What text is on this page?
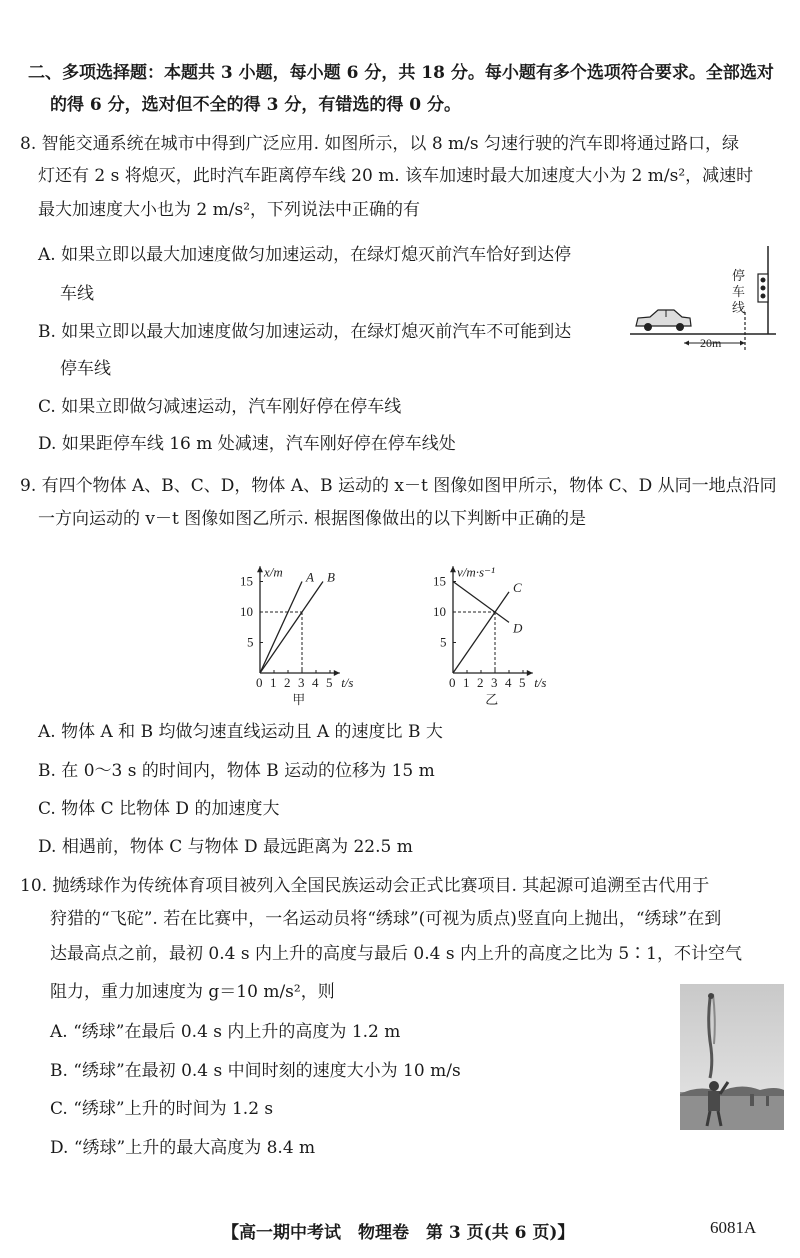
二、多项选择题：本题共 3 小题，每小题 6 分，共 18 分。每小题有多个选项符合要求。全部选对
的得 6 分，选对但不全的得 3 分，有错选的得 0 分。
8. 智能交通系统在城市中得到广泛应用. 如图所示，以 8 m/s 匀速行驶的汽车即将通过路口，绿
灯还有 2 s 将熄灭，此时汽车距离停车线 20 m. 该车加速时最大加速度大小为 2 m/s²，减速时
最大加速度大小也为 2 m/s²，下列说法中正确的有
A. 如果立即以最大加速度做匀加速运动，在绿灯熄灭前汽车恰好到达停
车线
B. 如果立即以最大加速度做匀加速运动，在绿灯熄灭前汽车不可能到达
停车线
C. 如果立即做匀减速运动，汽车刚好停在停车线
D. 如果距停车线 16 m 处减速，汽车刚好停在停车线处
停
车
线
20m
9. 有四个物体 A、B、C、D，物体 A、B 运动的 x－t 图像如图甲所示，物体 C、D 从同一地点沿同
一方向运动的 v－t 图像如图乙所示. 根据图像做出的以下判断中正确的是
0 1 2 3 4 5
5
10
15
t/s
x/m A B
甲
0 1 2 3 4 5
5
10
15
t/s
v/m·s⁻¹
C
D
乙
A. 物体 A 和 B 均做匀速直线运动且 A 的速度比 B 大
B. 在 0～3 s 的时间内，物体 B 运动的位移为 15 m
C. 物体 C 比物体 D 的加速度大
D. 相遇前，物体 C 与物体 D 最远距离为 22.5 m
10. 抛绣球作为传统体育项目被列入全国民族运动会正式比赛项目. 其起源可追溯至古代用于
狩猎的“飞砣”. 若在比赛中，一名运动员将“绣球”(可视为质点)竖直向上抛出，“绣球”在到
达最高点之前，最初 0.4 s 内上升的高度与最后 0.4 s 内上升的高度之比为 5∶1，不计空气
阻力，重力加速度为 g＝10 m/s²，则
A. “绣球”在最后 0.4 s 内上升的高度为 1.2 m
B. “绣球”在最初 0.4 s 中间时刻的速度大小为 10 m/s
C. “绣球”上升的时间为 1.2 s
D. “绣球”上升的最大高度为 8.4 m
【高一期中考试　物理卷　第 3 页(共 6 页)】	6081A
